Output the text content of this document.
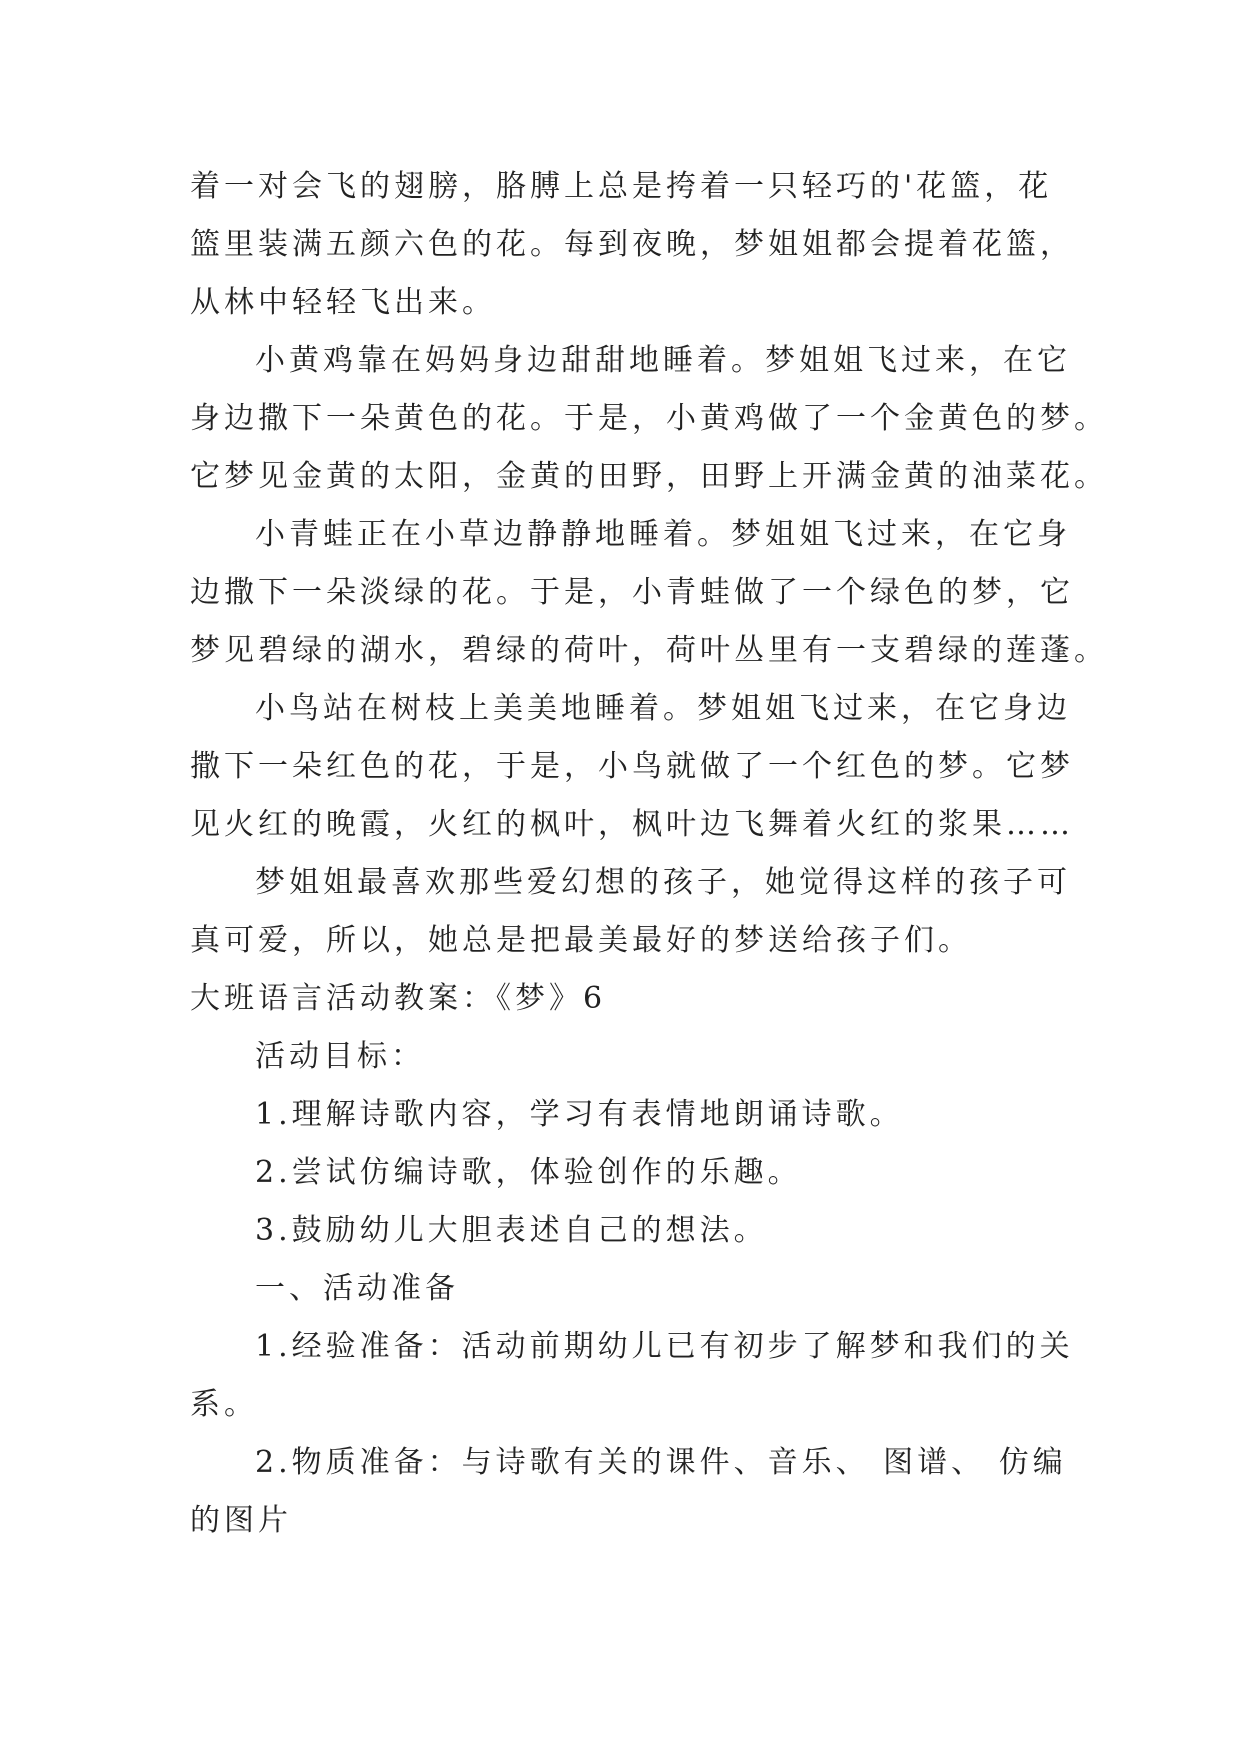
着一对会飞的翅膀，胳膊上总是挎着一只轻巧的'花篮，花
篮里装满五颜六色的花。每到夜晚，梦姐姐都会提着花篮，
从林中轻轻飞出来。
小黄鸡靠在妈妈身边甜甜地睡着。梦姐姐飞过来，在它
身边撒下一朵黄色的花。于是，小黄鸡做了一个金黄色的梦。
它梦见金黄的太阳，金黄的田野，田野上开满金黄的油菜花。
小青蛙正在小草边静静地睡着。梦姐姐飞过来，在它身
边撒下一朵淡绿的花。于是，小青蛙做了一个绿色的梦，它
梦见碧绿的湖水，碧绿的荷叶，荷叶丛里有一支碧绿的莲蓬。
小鸟站在树枝上美美地睡着。梦姐姐飞过来，在它身边
撒下一朵红色的花，于是，小鸟就做了一个红色的梦。它梦
见火红的晚霞，火红的枫叶，枫叶边飞舞着火红的浆果……
梦姐姐最喜欢那些爱幻想的孩子，她觉得这样的孩子可
真可爱，所以，她总是把最美最好的梦送给孩子们。
大班语言活动教案：《梦》6
活动目标：
1.理解诗歌内容，学习有表情地朗诵诗歌。
2.尝试仿编诗歌，体验创作的乐趣。
3.鼓励幼儿大胆表述自己的想法。
一、活动准备
1.经验准备：活动前期幼儿已有初步了解梦和我们的关
系。
2.物质准备：与诗歌有关的课件、音乐、 图谱、 仿编
的图片
